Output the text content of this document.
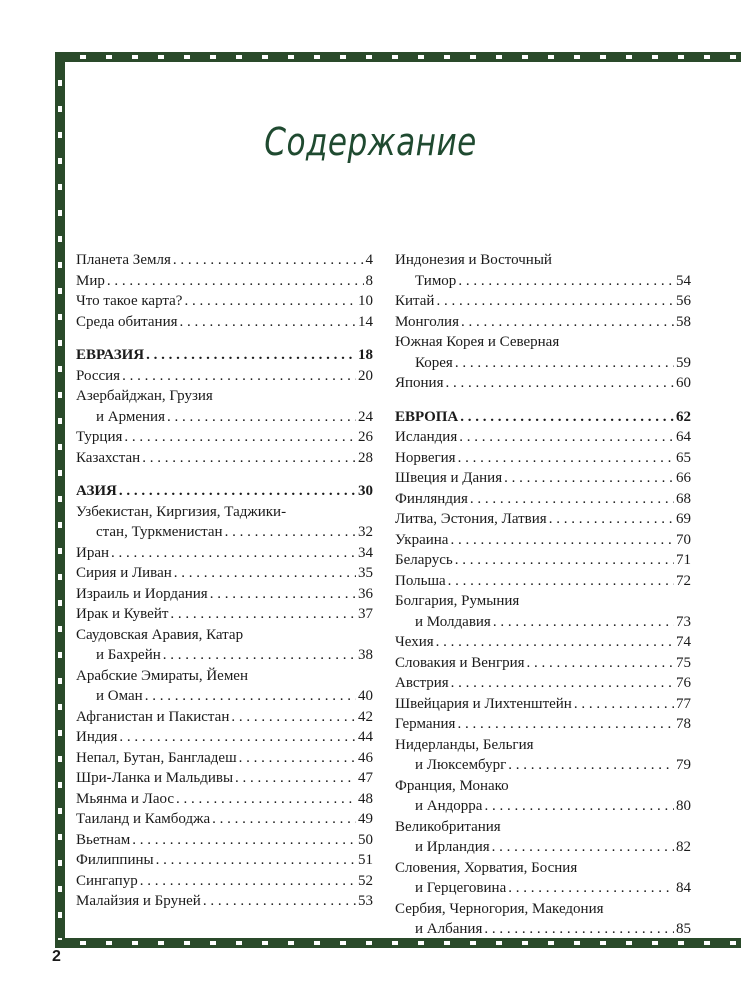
Содержание
Планета Земля . . .	4
Мир . . .	8
Что такое карта? . . .	10
Среда обитания . . .	14
ЕВРАЗИЯ . . .	18
Россия . . .	20
Азербайджан, Грузия
и Армения . . .	24
Турция . . .	26
Казахстан . . .	28
АЗИЯ . . .	30
Узбекистан, Киргизия, Таджики-
стан, Туркменистан . . .	32
Иран . . .	34
Сирия и Ливан . . .	35
Израиль и Иордания . . .	36
Ирак и Кувейт . . .	37
Саудовская Аравия, Катар
и Бахрейн . . .	38
Арабские Эмираты, Йемен
и Оман . . .	40
Афганистан и Пакистан . . .	42
Индия . . .	44
Непал, Бутан, Бангладеш . . .	46
Шри-Ланка и Мальдивы . . .	47
Мьянма и Лаос . . .	48
Таиланд и Камбоджа . . .	49
Вьетнам . . .	50
Филиппины . . .	51
Сингапур . . .	52
Малайзия и Бруней . . .	53
Индонезия и Восточный
Тимор . . .	54
Китай . . .	56
Монголия . . .	58
Южная Корея и Северная
Корея . . .	59
Япония . . .	60
ЕВРОПА . . .	62
Исландия . . .	64
Норвегия . . .	65
Швеция и Дания . . .	66
Финляндия . . .	68
Литва, Эстония, Латвия . . .	69
Украина . . .	70
Беларусь . . .	71
Польша . . .	72
Болгария, Румыния
и Молдавия . . .	73
Чехия . . .	74
Словакия и Венгрия . . .	75
Австрия . . .	76
Швейцария и Лихтенштейн . . .	77
Германия . . .	78
Нидерланды, Бельгия
и Люксембург . . .	79
Франция, Монако
и Андорра . . .	80
Великобритания
и Ирландия . . .	82
Словения, Хорватия, Босния
и Герцеговина . . .	84
Сербия, Черногория, Македония
и Албания . . .	85
2
